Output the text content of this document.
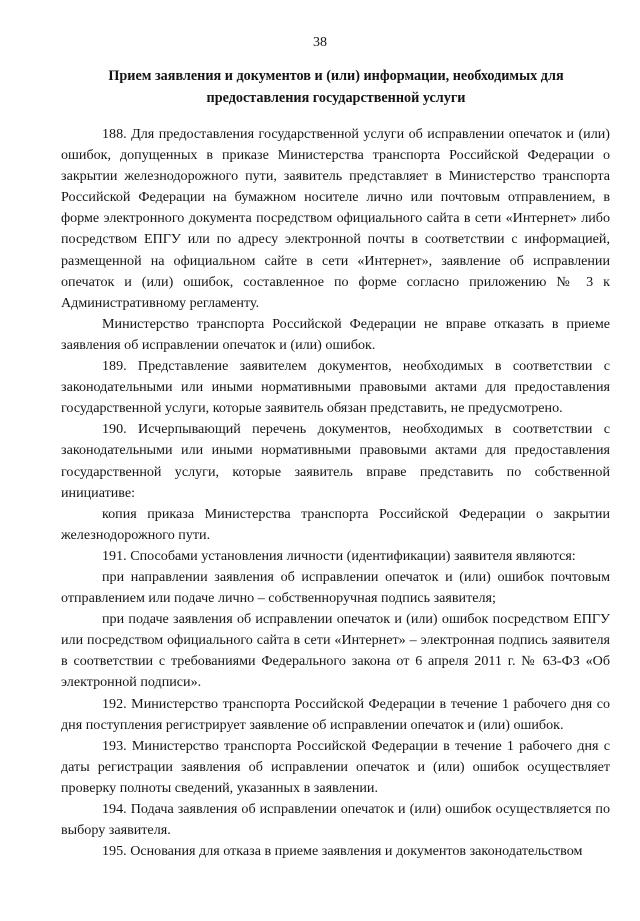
38
Прием заявления и документов и (или) информации, необходимых для предоставления государственной услуги

188. Для предоставления государственной услуги об исправлении опечаток и (или) ошибок, допущенных в приказе Министерства транспорта Российской Федерации о закрытии железнодорожного пути, заявитель представляет в Министерство транспорта Российской Федерации на бумажном носителе лично или почтовым отправлением, в форме электронного документа посредством официального сайта в сети «Интернет» либо посредством ЕПГУ или по адресу электронной почты в соответствии с информацией, размещенной на официальном сайте в сети «Интернет», заявление об исправлении опечаток и (или) ошибок, составленное по форме согласно приложению № 3 к Административному регламенту.

Министерство транспорта Российской Федерации не вправе отказать в приеме заявления об исправлении опечаток и (или) ошибок.

189. Представление заявителем документов, необходимых в соответствии с законодательными или иными нормативными правовыми актами для предоставления государственной услуги, которые заявитель обязан представить, не предусмотрено.

190. Исчерпывающий перечень документов, необходимых в соответствии с законодательными или иными нормативными правовыми актами для предоставления государственной услуги, которые заявитель вправе представить по собственной инициативе:

копия приказа Министерства транспорта Российской Федерации о закрытии железнодорожного пути.

191. Способами установления личности (идентификации) заявителя являются:

при направлении заявления об исправлении опечаток и (или) ошибок почтовым отправлением или подаче лично – собственноручная подпись заявителя;

при подаче заявления об исправлении опечаток и (или) ошибок посредством ЕПГУ или посредством официального сайта в сети «Интернет» – электронная подпись заявителя в соответствии с требованиями Федерального закона от 6 апреля 2011 г. № 63-ФЗ «Об электронной подписи».

192. Министерство транспорта Российской Федерации в течение 1 рабочего дня со дня поступления регистрирует заявление об исправлении опечаток и (или) ошибок.

193. Министерство транспорта Российской Федерации в течение 1 рабочего дня с даты регистрации заявления об исправлении опечаток и (или) ошибок осуществляет проверку полноты сведений, указанных в заявлении.

194. Подача заявления об исправлении опечаток и (или) ошибок осуществляется по выбору заявителя.

195. Основания для отказа в приеме заявления и документов законодательством
